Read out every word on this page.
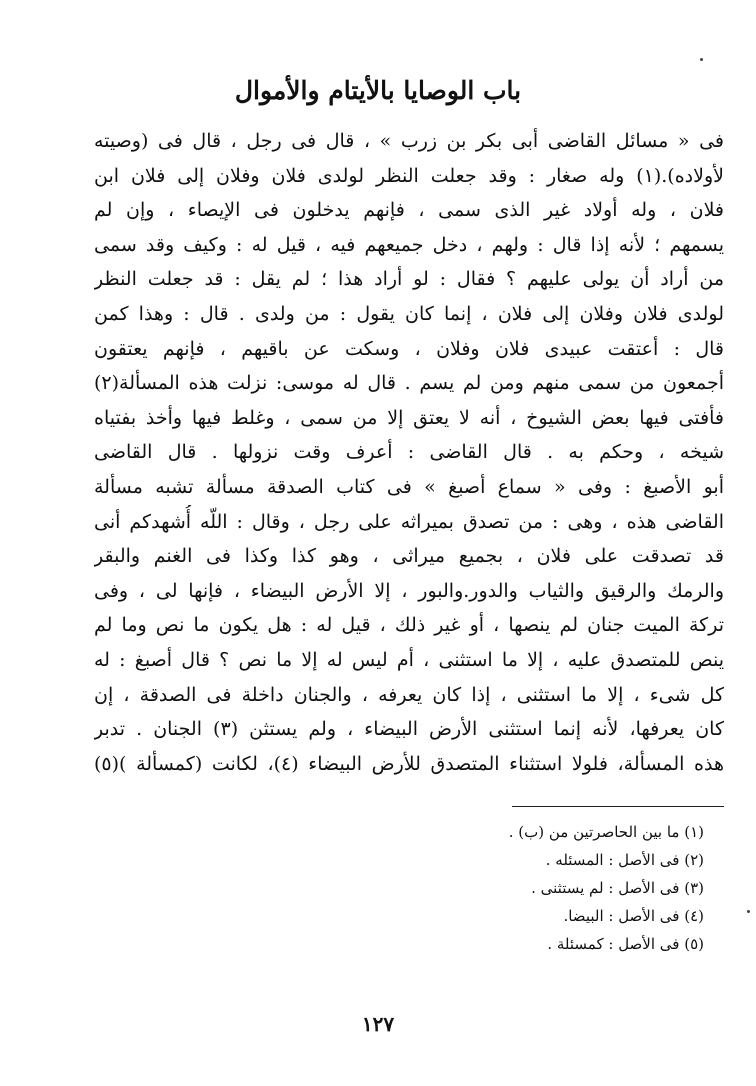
باب الوصايا بالأيتام والأموال
فى « مسائل القاضى أبى بكر بن زرب » ، قال فى رجل ، قال فى (وصيته
لأولاده).(١) وله صغار : وقد جعلت النظر لولدى فلان وفلان إلى فلان ابن
فلان ، وله أولاد غير الذى سمى ، فإنهم يدخلون فى الإيصاء ، وإن لم
يسمهم ؛ لأنه إذا قال : ولهم ، دخل جميعهم فيه ، قيل له : وكيف وقد سمى
من أراد أن يولى عليهم ؟ فقال : لو أراد هذا ؛ لم يقل : قد جعلت النظر
لولدى فلان وفلان إلى فلان ، إنما كان يقول : من ولدى . قال : وهذا كمن
قال : أعتقت عبيدى فلان وفلان ، وسكت عن باقيهم ، فإنهم يعتقون
أجمعون من سمى منهم ومن لم يسم . قال له موسى: نزلت هذه المسألة(٢)
فأفتى فيها بعض الشيوخ ، أنه لا يعتق إلا من سمى ، وغلط فيها وأخذ بفتياه
شيخه ، وحكم به . قال القاضى : أعرف وقت نزولها . قال القاضى
أبو الأصبغ : وفى « سماع أصبغ » فى كتاب الصدقة مسألة تشبه مسألة
القاضى هذه ، وهى : من تصدق بميراثه على رجل ، وقال : اللّه أُشهدكم أنى
قد تصدقت على فلان ، بجميع ميراثى ، وهو كذا وكذا فى الغنم والبقر
والرمك والرقيق والثياب والدور.والبور ، إلا الأرض البيضاء ، فإنها لى ، وفى
تركة الميت جنان لم ينصها ، أو غير ذلك ، قيل له : هل يكون ما نص وما لم
ينص للمتصدق عليه ، إلا ما استثنى ، أم ليس له إلا ما نص ؟ قال أصبغ : له
كل شىء ، إلا ما استثنى ، إذا كان يعرفه ، والجنان داخلة فى الصدقة ، إن
كان يعرفها، لأنه إنما استثنى الأرض البيضاء ، ولم يستثن (٣) الجنان . تدبر
هذه المسألة، فلولا استثناء المتصدق للأرض البيضاء (٤)، لكانت (كمسألة )(٥)
(١) ما بين الحاصرتين من (ب) .
(٢) فى الأصل : المسئله .
(٣) فى الأصل : لم يستثنى .
(٤) فى الأصل : البيضا.
(٥) فى الأصل : كمسئلة .
١٢٧
